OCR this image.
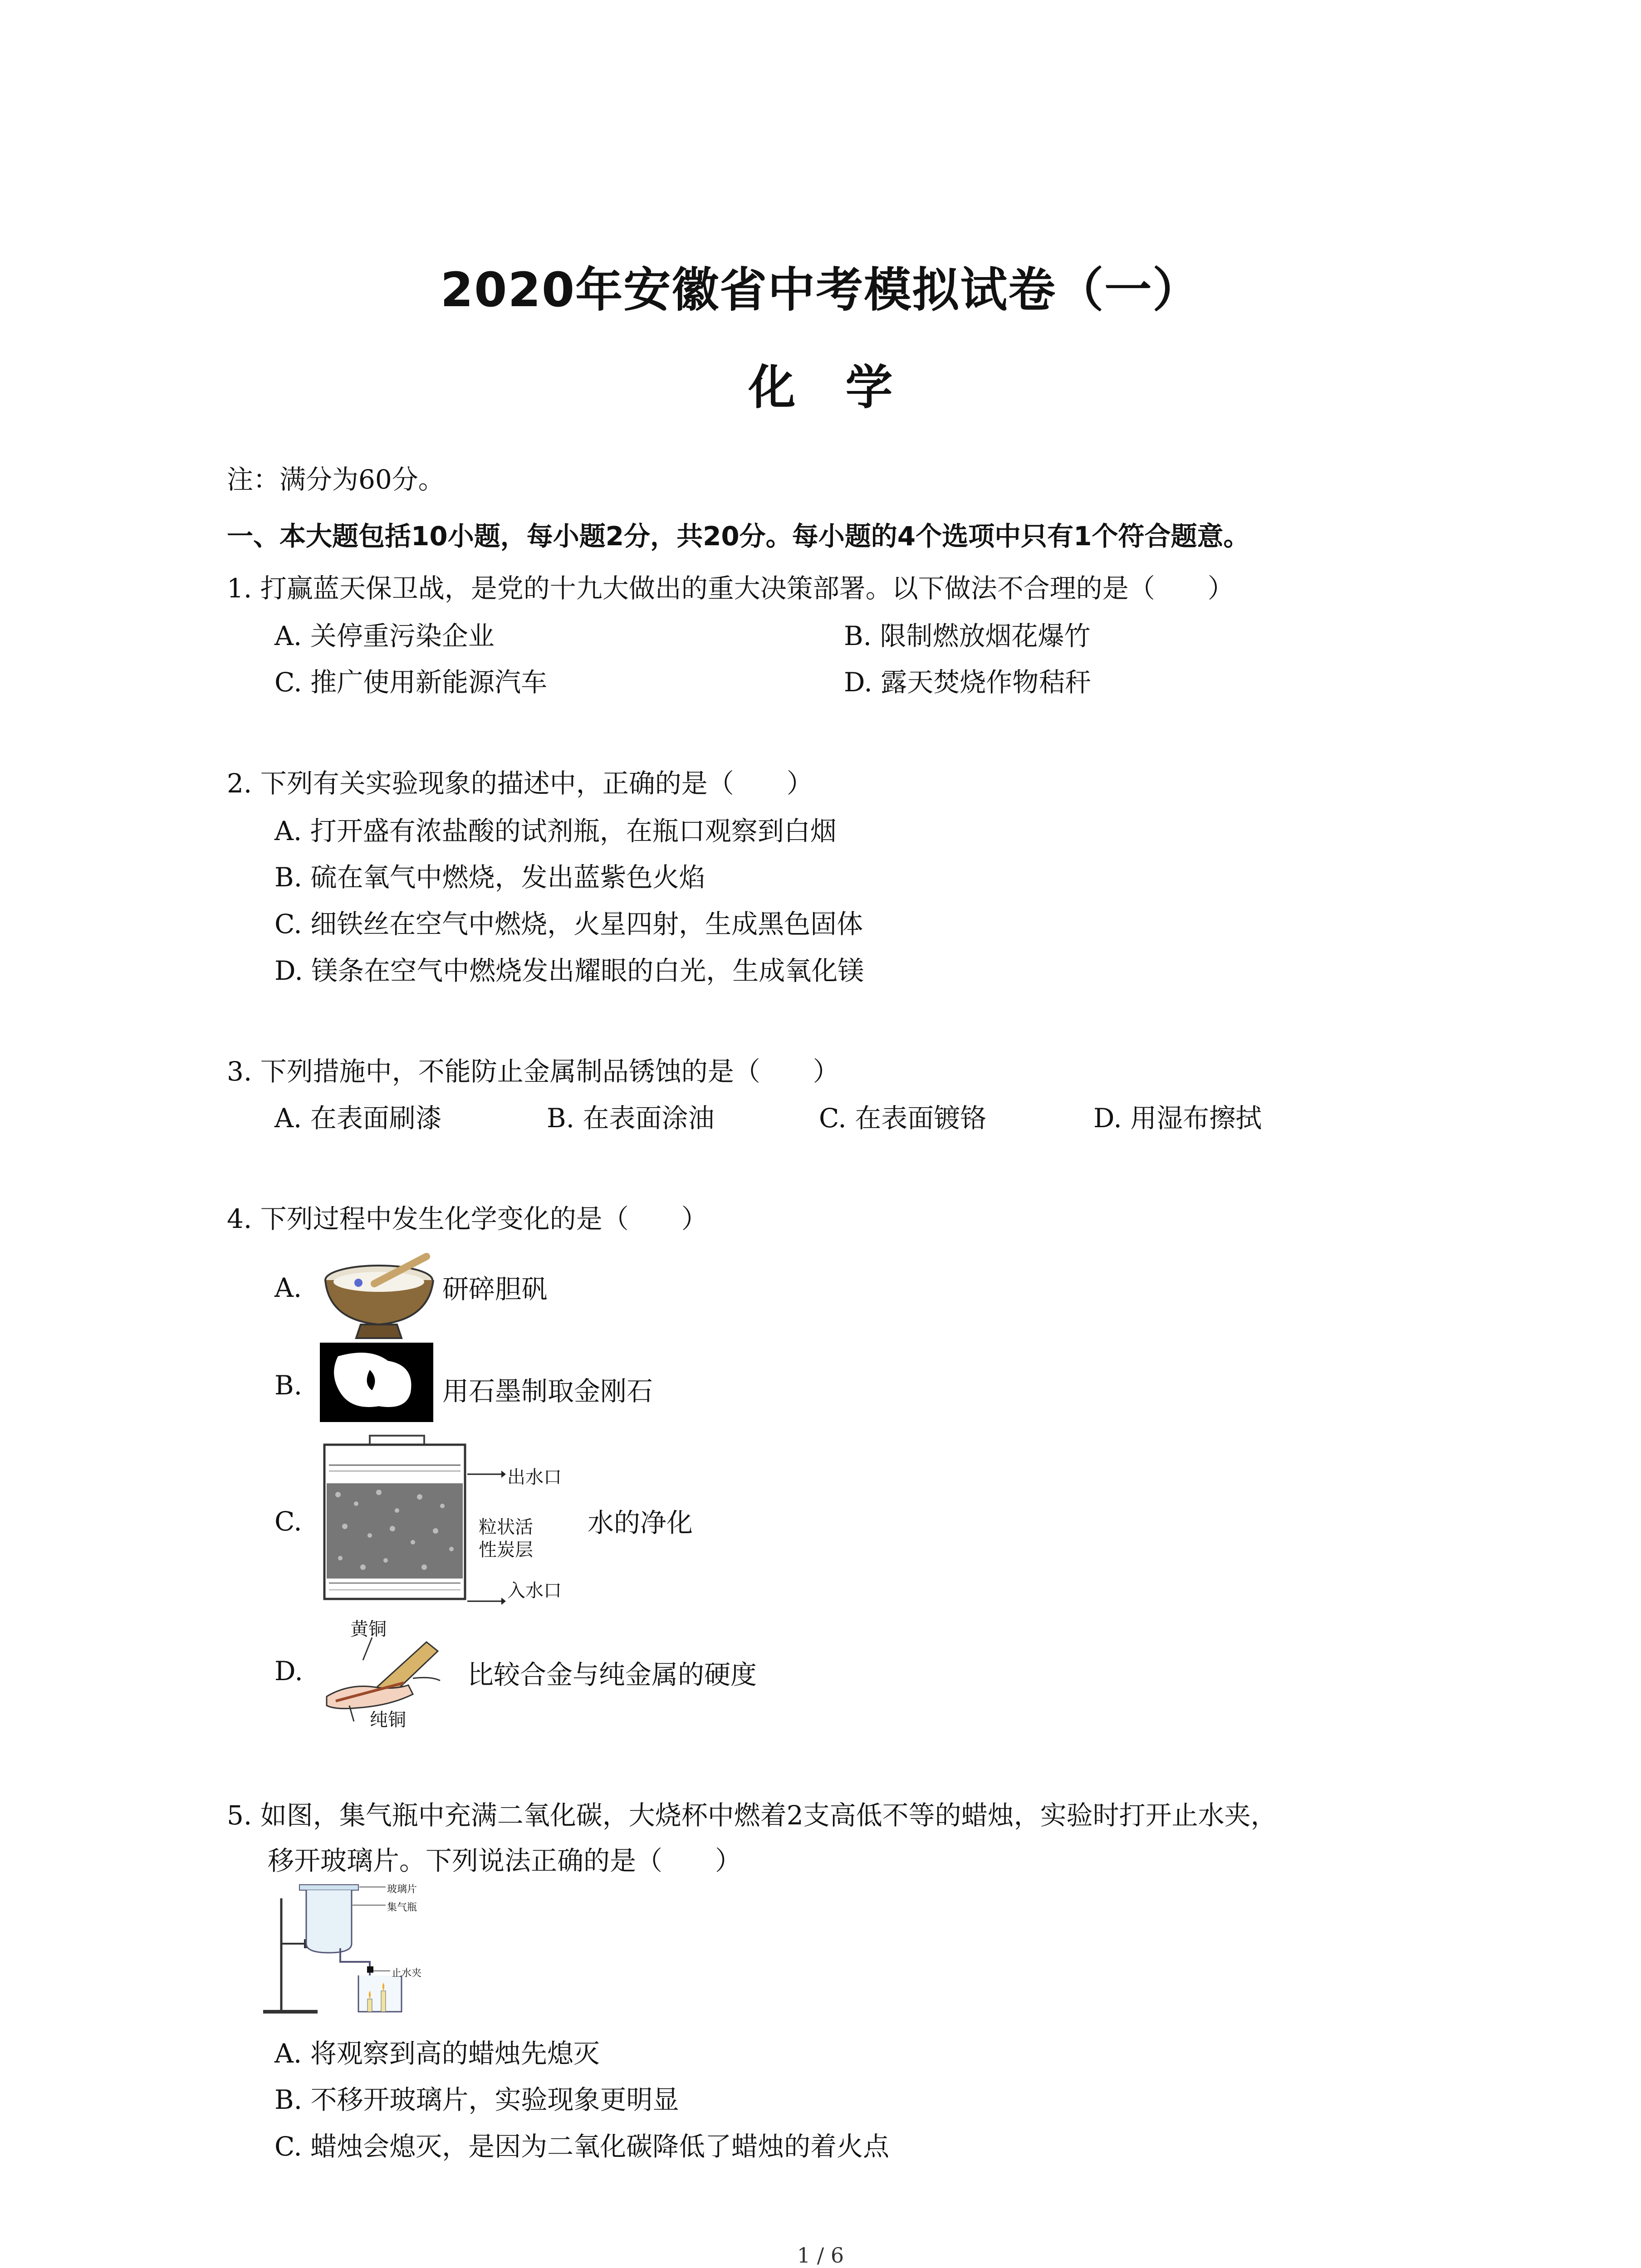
2020年安徽省中考模拟试卷（一）
化学
注：满分为60分。
一、本大题包括10小题，每小题2分，共20分。每小题的4个选项中只有1个符合题意。
1. 打赢蓝天保卫战，是党的十九大做出的重大决策部署。以下做法不合理的是（　　）
A. 关停重污染企业	B. 限制燃放烟花爆竹
C. 推广使用新能源汽车	D. 露天焚烧作物秸秆
2. 下列有关实验现象的描述中，正确的是（　　）
A. 打开盛有浓盐酸的试剂瓶，在瓶口观察到白烟
B. 硫在氧气中燃烧，发出蓝紫色火焰
C. 细铁丝在空气中燃烧，火星四射，生成黑色固体
D. 镁条在空气中燃烧发出耀眼的白光，生成氧化镁
3. 下列措施中，不能防止金属制品锈蚀的是（　　）
A. 在表面刷漆	B. 在表面涂油	C. 在表面镀铬	D. 用湿布擦拭
4. 下列过程中发生化学变化的是（　　）
A.	研碎胆矾
B.	用石墨制取金刚石
C.
出水口
粒状活
性炭层
入水口
水的净化
D.
黄铜
纯铜
比较合金与纯金属的硬度
5. 如图，集气瓶中充满二氧化碳，大烧杯中燃着2支高低不等的蜡烛，实验时打开止水夹，
移开玻璃片。下列说法正确的是（　　）
玻璃片
集气瓶
止水夹
A. 将观察到高的蜡烛先熄灭
B. 不移开玻璃片，实验现象更明显
C. 蜡烛会熄灭，是因为二氧化碳降低了蜡烛的着火点
1 / 6
